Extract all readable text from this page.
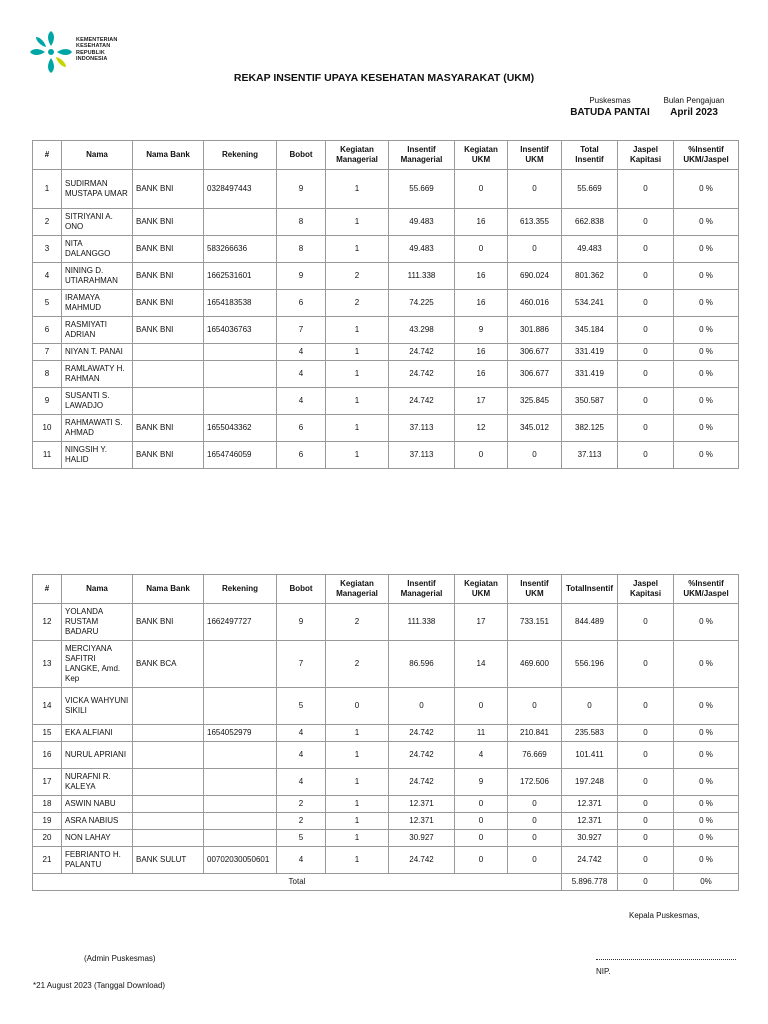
KEMENTERIAN
KESEHATAN
REPUBLIK
INDONESIA
REKAP INSENTIF UPAYA KESEHATAN MASYARAKAT (UKM)
Puskesmas
BATUDA PANTAI
Bulan Pengajuan
April 2023
#	Nama	Nama Bank	Rekening	Bobot	Kegiatan Managerial	Insentif Managerial	Kegiatan UKM	Insentif UKM	Total Insentif	Jaspel Kapitasi	%Insentif UKM/Jaspel
1	SUDIRMAN MUSTAPA UMAR	BANK BNI	0328497443	9	1	55.669	0	0	55.669	0	0 %
2	SITRIYANI A. ONO	BANK BNI		8	1	49.483	16	613.355	662.838	0	0 %
3	NITA DALANGGO	BANK BNI	583266636	8	1	49.483	0	0	49.483	0	0 %
4	NINING D. UTIARAHMAN	BANK BNI	1662531601	9	2	111.338	16	690.024	801.362	0	0 %
5	IRAMAYA MAHMUD	BANK BNI	1654183538	6	2	74.225	16	460.016	534.241	0	0 %
6	RASMIYATI ADRIAN	BANK BNI	1654036763	7	1	43.298	9	301.886	345.184	0	0 %
7	NIYAN T. PANAI			4	1	24.742	16	306.677	331.419	0	0 %
8	RAMLAWATY H. RAHMAN			4	1	24.742	16	306.677	331.419	0	0 %
9	SUSANTI S. LAWADJO			4	1	24.742	17	325.845	350.587	0	0 %
10	RAHMAWATI S. AHMAD	BANK BNI	1655043362	6	1	37.113	12	345.012	382.125	0	0 %
11	NINGSIH Y. HALID	BANK BNI	1654746059	6	1	37.113	0	0	37.113	0	0 %
#	Nama	Nama Bank	Rekening	Bobot	Kegiatan Managerial	Insentif Managerial	Kegiatan UKM	Insentif UKM	TotalInsentif	Jaspel Kapitasi	%Insentif UKM/Jaspel
12	YOLANDA RUSTAM BADARU	BANK BNI	1662497727	9	2	111.338	17	733.151	844.489	0	0 %
13	MERCIYANA SAFITRI LANGKE, Amd. Kep	BANK BCA		7	2	86.596	14	469.600	556.196	0	0 %
14	VICKA WAHYUNI SIKILI			5	0	0	0	0	0	0	0 %
15	EKA ALFIANI		1654052979	4	1	24.742	11	210.841	235.583	0	0 %
16	NURUL APRIANI			4	1	24.742	4	76.669	101.411	0	0 %
17	NURAFNI R. KALEYA			4	1	24.742	9	172.506	197.248	0	0 %
18	ASWIN NABU			2	1	12.371	0	0	12.371	0	0 %
19	ASRA NABIUS			2	1	12.371	0	0	12.371	0	0 %
20	NON LAHAY			5	1	30.927	0	0	30.927	0	0 %
21	FEBRIANTO H. PALANTU	BANK SULUT	00702030050601	4	1	24.742	0	0	24.742	0	0 %
Total									5.896.778	0	0%
Kepala Puskesmas,
(Admin Puskesmas)
NIP.
*21 August 2023 (Tanggal Download)
